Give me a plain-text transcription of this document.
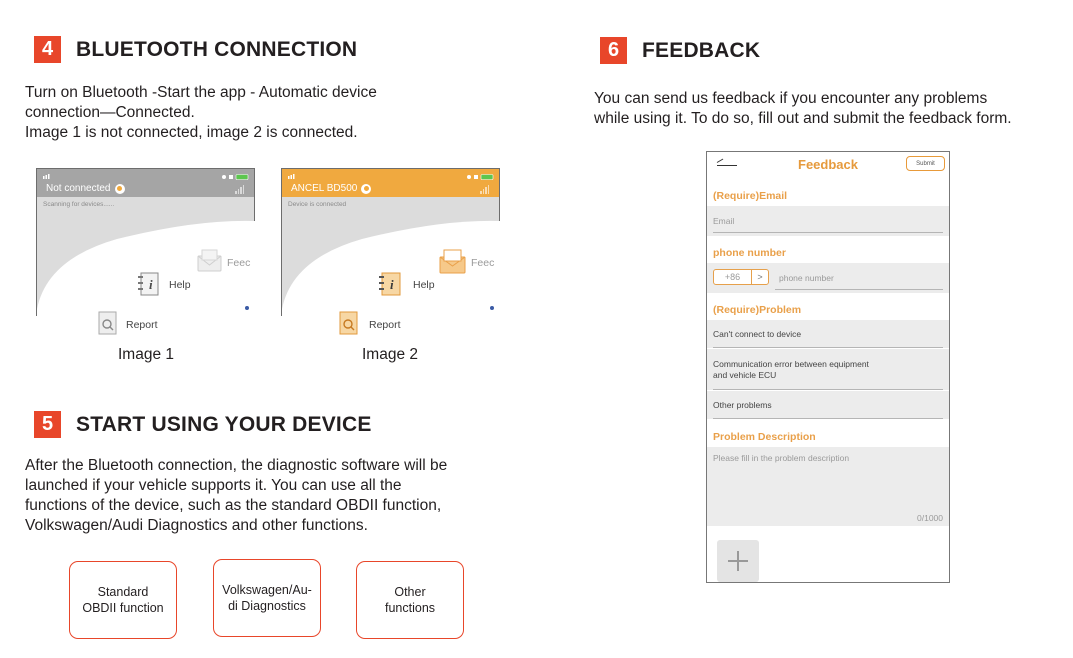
4	BLUETOOTH CONNECTION
Turn on Bluetooth -Start the app - Automatic device
connection—Connected.
Image 1 is not connected, image 2 is connected.
Not connected
Scanning for devices......
Feec
i Help
Report
Image 1
ANCEL BD500
Device is connected
Feec
i Help
Report
Image 2
5	START USING YOUR DEVICE
After the Bluetooth connection, the diagnostic software will be
launched if your vehicle supports it. You can use all the
functions of the device, such as the standard OBDII function,
Volkswagen/Audi Diagnostics and other functions.
Standard
OBDII function
Volkswagen/Au-
di Diagnostics
Other
functions
6	FEEDBACK
You can send us feedback if you encounter any problems
while using it. To do so, fill out and submit the feedback form.
Feedback	Submit
(Require)Email
Email
phone number
+86	>	phone number
(Require)Problem
Can't connect to device
Communication error between equipment
and vehicle ECU
Other problems
Problem Description
Please fill in the problem description
0/1000
